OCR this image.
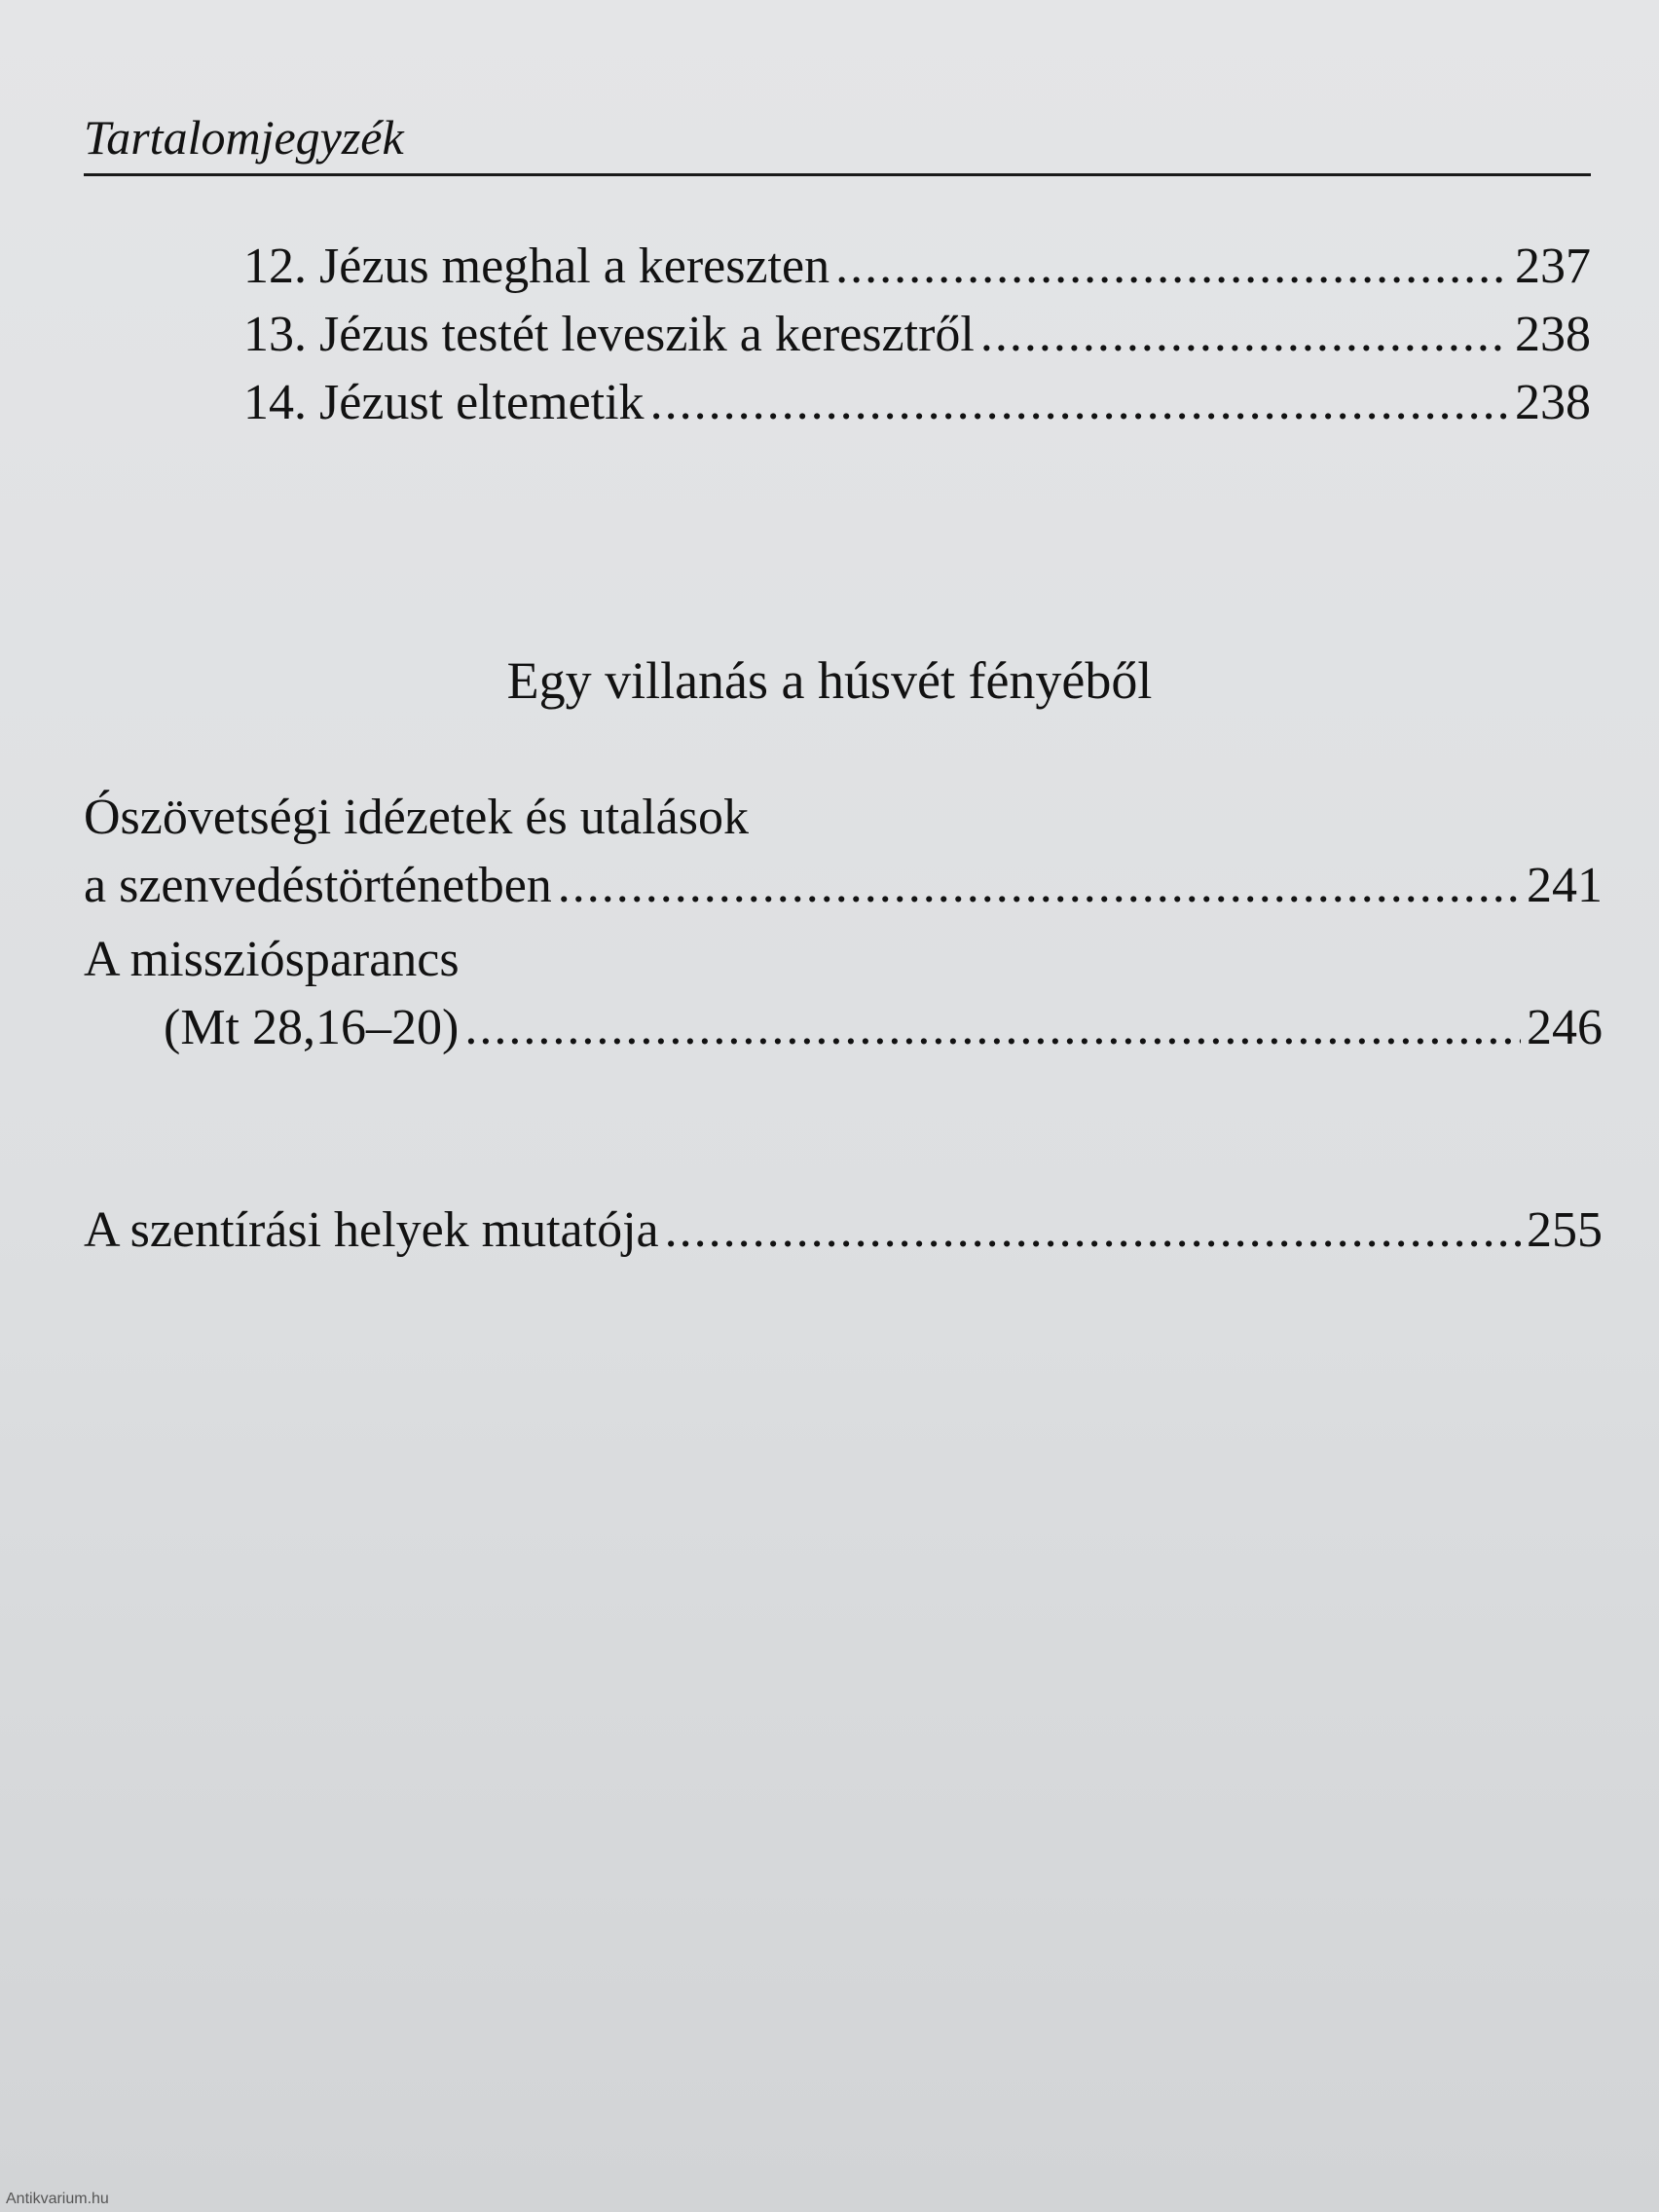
Tartalomjegyzék
12. Jézus meghal a kereszten .....	237
13. Jézus testét leveszik a keresztről .....	238
14. Jézust eltemetik .....	238
Egy villanás a húsvét fényéből
Ószövetségi idézetek és utalások
a szenvedéstörténetben .....	241
A missziósparancs
(Mt 28,16–20) .....	246
A szentírási helyek mutatója .....	255
Antikvarium.hu
